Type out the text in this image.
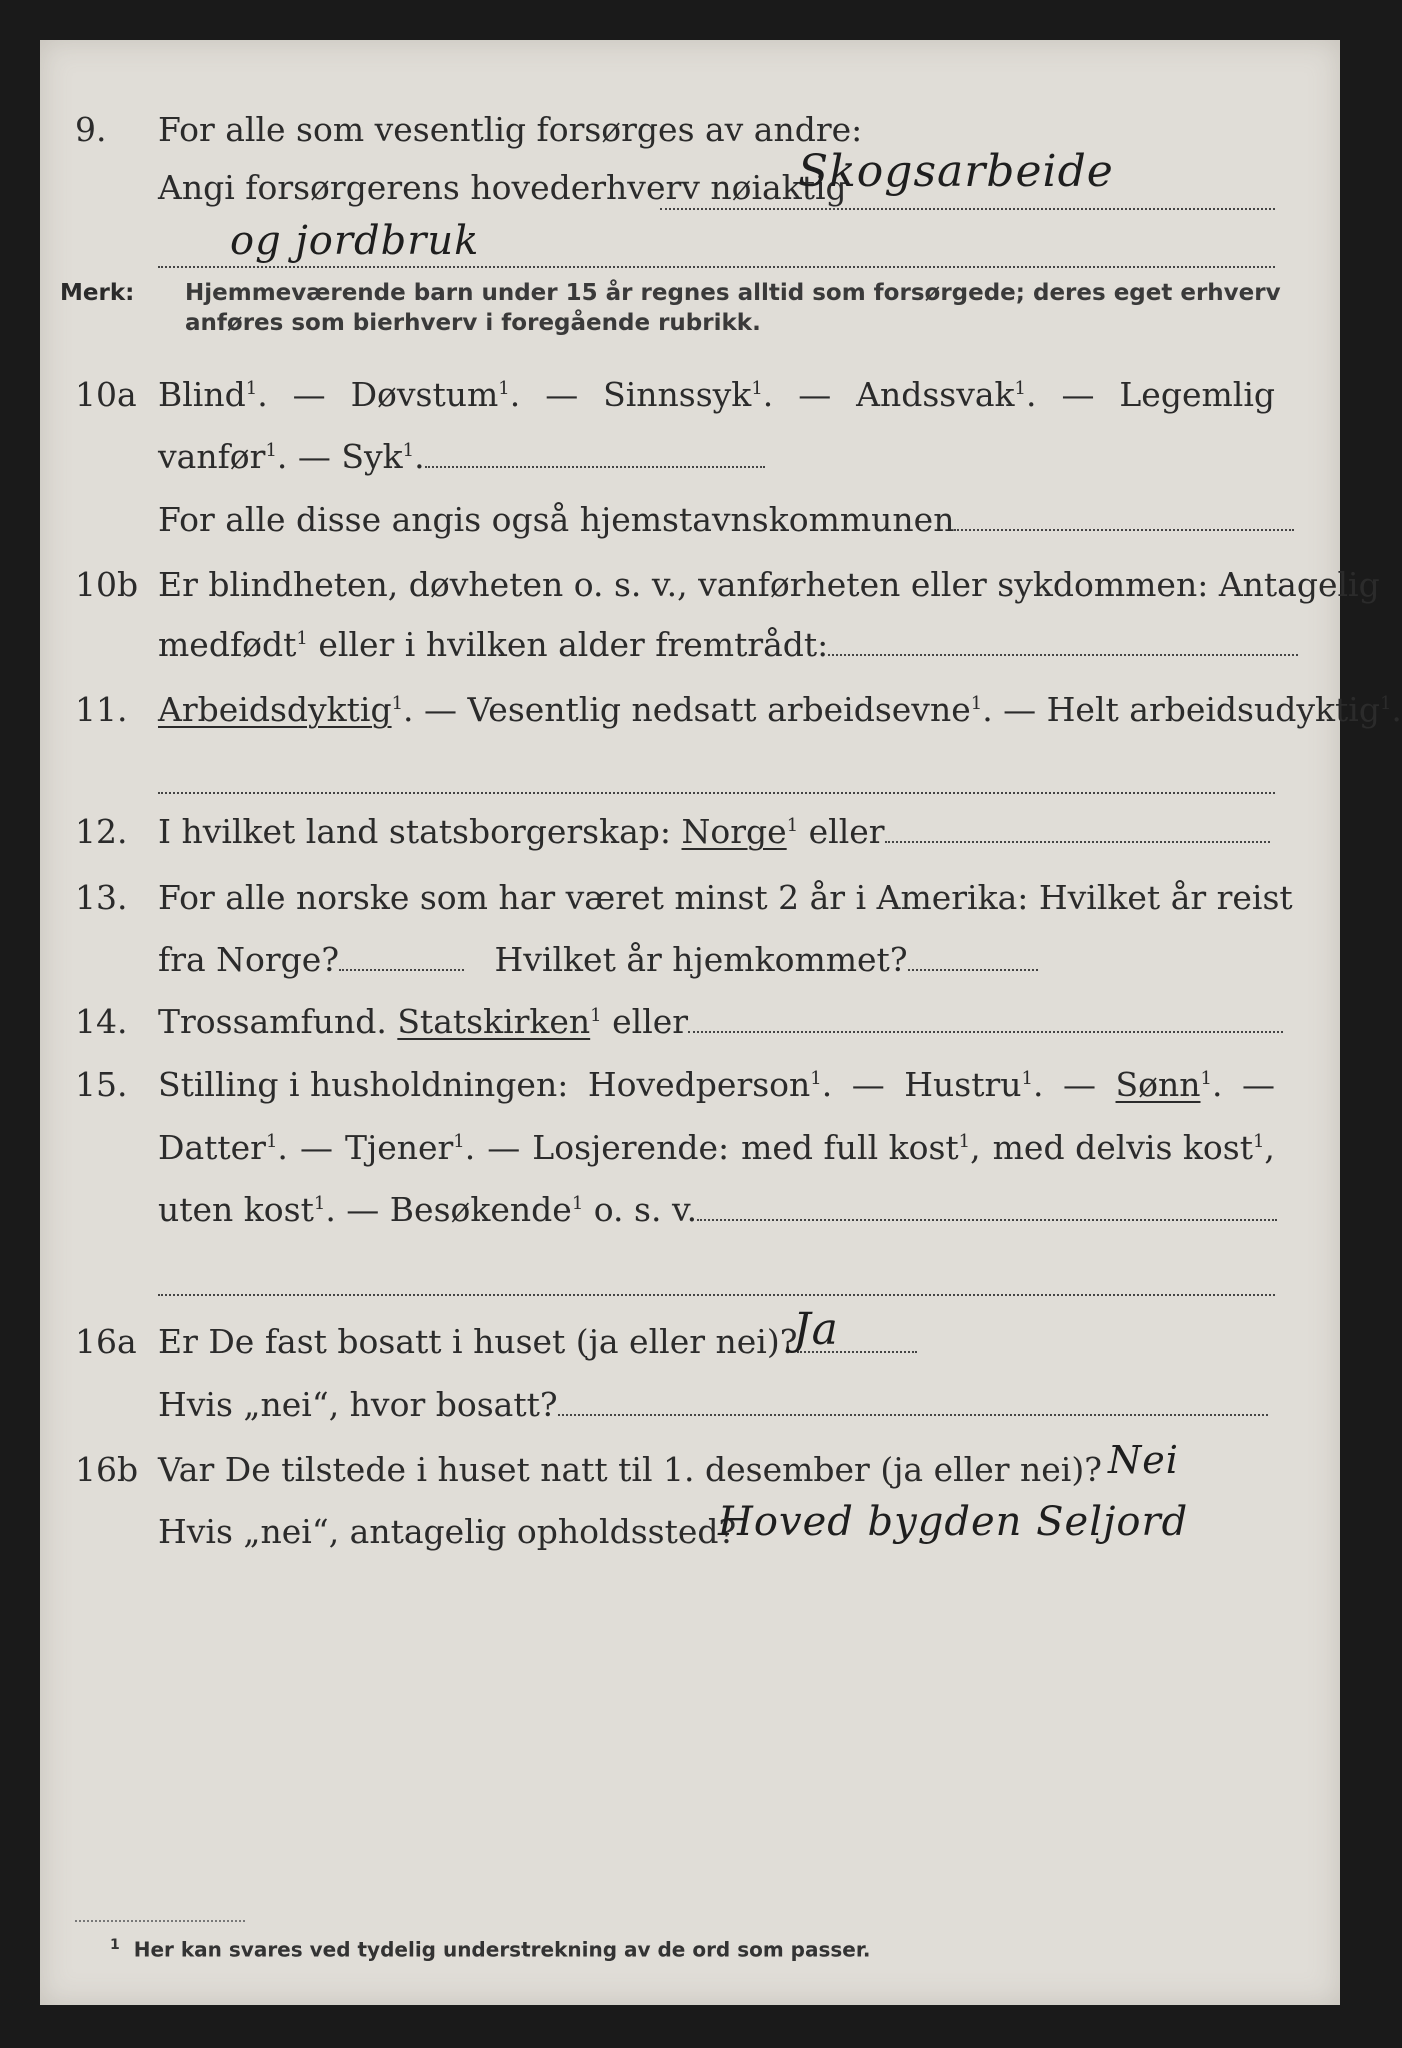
9. For alle som vesentlig forsørges av andre:
Angi forsørgerens hovederhverv nøiaktig
Skogsarbeide
og jordbruk
Merk: Hjemmeværende barn under 15 år regnes alltid som forsørgede; deres eget erhverv
anføres som bierhverv i foregående rubrikk.
10a Blind$^1$. — Døvstum$^1$. — Sinnssyk$^1$. — Andssvak$^1$. — Legemlig
vanfør$^1$. — Syk$^1$.
For alle disse angis også hjemstavnskommunen
10b Er blindheten, døvheten o. s. v., vanførheten eller sykdommen: Antagelig
medfødt$^1$ eller i hvilken alder fremtrådt:
11. Arbeidsdyktig$^1$. — Vesentlig nedsatt arbeidsevne$^1$. — Helt arbeidsudyktig$^1$.
12. I hvilket land statsborgerskap: Norge$^1$ eller
13. For alle norske som har været minst 2 år i Amerika: Hvilket år reist
fra Norge?	Hvilket år hjemkommet?
14. Trossamfund. Statskirken$^1$ eller
15. Stilling i husholdningen: Hovedperson$^1$. — Hustru$^1$. — Sønn$^1$. —
Datter$^1$. — Tjener$^1$. — Losjerende: med full kost$^1$, med delvis kost$^1$,
uten kost$^1$. — Besøkende$^1$ o. s. v.
16a Er De fast bosatt i huset (ja eller nei)?
Ja
Hvis „nei“, hvor bosatt?
16b Var De tilstede i huset natt til 1. desember (ja eller nei)? Nei
Hvis „nei“, antagelig opholdssted?
Hoved bygden Seljord
$^1$ Her kan svares ved tydelig understrekning av de ord som passer.
